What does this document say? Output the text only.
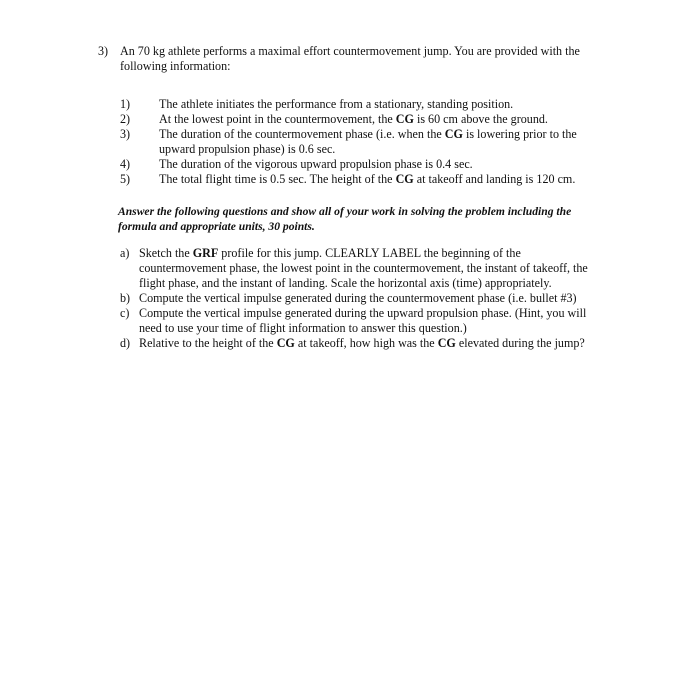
3) An 70 kg athlete performs a maximal effort countermovement jump. You are provided with the following information:
1) The athlete initiates the performance from a stationary, standing position.
2) At the lowest point in the countermovement, the CG is 60 cm above the ground.
3) The duration of the countermovement phase (i.e. when the CG is lowering prior to the upward propulsion phase) is 0.6 sec.
4) The duration of the vigorous upward propulsion phase is 0.4 sec.
5) The total flight time is 0.5 sec. The height of the CG at takeoff and landing is 120 cm.
Answer the following questions and show all of your work in solving the problem including the formula and appropriate units, 30 points.
a) Sketch the GRF profile for this jump. CLEARLY LABEL the beginning of the countermovement phase, the lowest point in the countermovement, the instant of takeoff, the flight phase, and the instant of landing. Scale the horizontal axis (time) appropriately.
b) Compute the vertical impulse generated during the countermovement phase (i.e. bullet #3)
c) Compute the vertical impulse generated during the upward propulsion phase. (Hint, you will need to use your time of flight information to answer this question.)
d) Relative to the height of the CG at takeoff, how high was the CG elevated during the jump?
